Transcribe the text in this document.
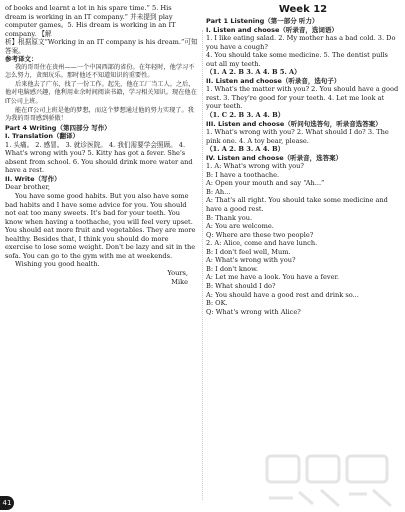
of books and learnt a lot in his spare time.” 5. His

dream is working in an IT company.” 并未提到 play computer games。5. His dream is working in an IT company. 【解

析】根据原文“Working in an IT company is his dream.”可知答案。

参考译文：

我的哥哥住在贵州——一个中国西部的省份。在年轻时，他学习不怎么努力，贪图玩乐。那时他还不知道知识的重要性。

后来他去了广东，找了一份工作。起先，他在工厂当工人。之后，他对电脑感兴趣，他利用业余时间阅读书籍，学习相关知识。现在他在IT公司上班。

能在IT公司上班是他的梦想，而这个梦想通过他的努力实现了。我为我的哥哥感到骄傲！

Part 4 Writing（第四部分 写作）

I. Translation（翻译）

1. 头痛。 2. 感冒。 3. 就诊医院。 4. 我们需要学会照顾。 4. What's wrong with you? 5. Kitty has got a fever. She's absent from school. 6. You should drink more water and have a rest.

II. Write（写作）

Dear brother,

You have some good habits. But you also have some bad habits and I have some advice for you. You should not eat too many sweets. It's bad for your teeth. You know when having a toothache, you will feel very upset. You should eat more fruit and vegetables. They are more healthy. Besides that, I think you should do more exercise to lose some weight. Don't be lazy and sit in the sofa. You can go to the gym with me at weekends.

Wishing you good health.

Yours,

Mike

Week 12

Part 1 Listening（第一部分 听力）

I. Listen and choose（听录音，选词语）

1. I like eating salad. 2. My mother has a bad cold. 3. Do you have a cough?

4. You should take some medicine. 5. The dentist pulls out all my teeth.

（1. A 2. B 3. A 4. B 5. A）

II. Listen and choose（听录音，选句子）

1. What's the matter with you? 2. You should have a good rest. 3. They're good for your teeth. 4. Let me look at your teeth.

（1. C 2. B 3. A 4. B）

III. Listen and choose（听问句选答句，听录音选答案）

1. What's wrong with you? 2. What should I do? 3. The pink one. 4. A toy bear, please.

（1. A 2. B 3. A 4. B）

IV. Listen and choose（听录音，选答案）

1. A: What's wrong with you?

B: I have a toothache.

A: Open your mouth and say “Ah...”

B: Ah...

A: That's all right. You should take some medicine and have a good rest.

B: Thank you.

A: You are welcome.

Q: Where are these two people?

2. A: Alice, come and have lunch.

B: I don't feel well, Mum.

A: What's wrong with you?

B: I don't know.

A: Let me have a look. You have a fever.

B: What should I do?

A: You should have a good rest and drink so...

B: OK.

Q: What's wrong with Alice?

41
